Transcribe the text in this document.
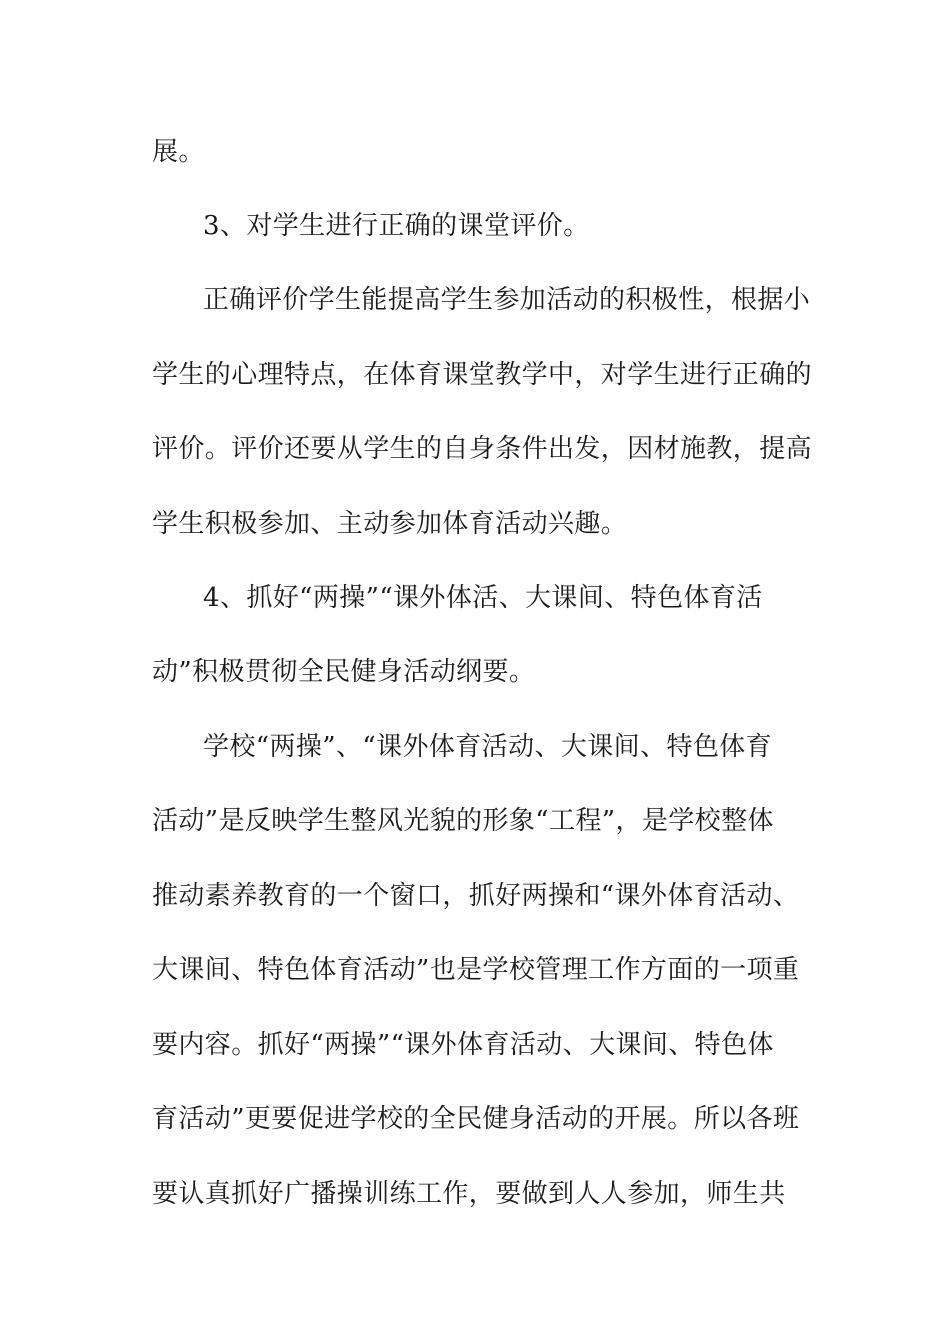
展。
3、对学生进行正确的课堂评价。
正确评价学生能提高学生参加活动的积极性，根据小
学生的心理特点，在体育课堂教学中，对学生进行正确的
评价。评价还要从学生的自身条件出发，因材施教，提高
学生积极参加、主动参加体育活动兴趣。
4、抓好“两操”“课外体活、大课间、特色体育活
动”积极贯彻全民健身活动纲要。
学校“两操”、“课外体育活动、大课间、特色体育
活动”是反映学生整风光貌的形象“工程”，是学校整体
推动素养教育的一个窗口，抓好两操和“课外体育活动、
大课间、特色体育活动”也是学校管理工作方面的一项重
要内容。抓好“两操”“课外体育活动、大课间、特色体
育活动”更要促进学校的全民健身活动的开展。所以各班
要认真抓好广播操训练工作，要做到人人参加，师生共
